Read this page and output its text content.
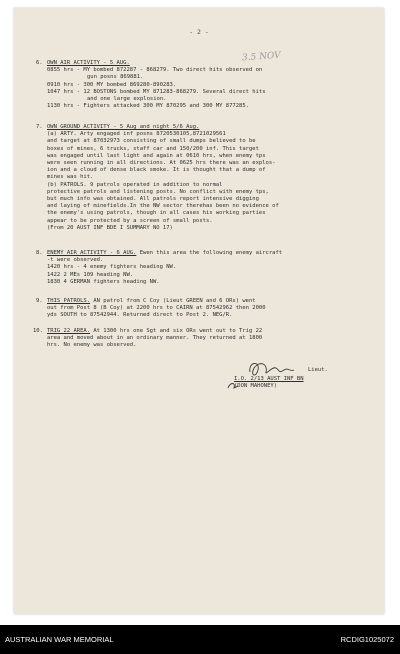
- 2 -
3.5 NOV
6. OWN AIR ACTIVITY - 5 AUG.
0855 hrs - MY bombed 872287 - 868279. Two direct hits observed on
gun posns 869881.
0910 hrs - 300 MY bombed 869280-890283.
1047 hrs - 12 BOSTONS bombed MY 871283-868279. Several direct hits
and one large explosion.
1130 hrs - Fighters attacked 300 MY 870295 and 300 MY 877285.
7. OWN GROUND ACTIVITY - 5 Aug and night 5/6 Aug.
(a) ARTY. Arty engaged inf posns 8720530105,8721029561
and target at 87032973 consisting of small dumps believed to be
boxes of mines, 6 trucks, staff car and 150/200 inf. This target
was engaged until last light and again at 0610 hrs, when enemy tps
were seen running in all directions. At 0625 hrs there was an explos-
ion and a cloud of dense black smoke. It is thought that a dump of
mines was hit.
(b) PATROLS. 9 patrols operated in addition to normal
protective patrols and listening posts. No conflict with enemy tps,
but much info was obtained. All patrols report intensive digging
and laying of minefields.In the NW sector therehas been no evidence of
the enemy's using patrols, though in all cases his working parties
appear to be protected by a screen of small posts.
(From 20 AUST INF BDE I SUMMARY NO 17)
8. ENEMY AIR ACTIVITY - 6 AUG. Ewen this area the following enemy aircraft
-t were observed.
1420 hrs - 4 enemy fighters heading NW.
1422 2 MEs 109 heading NW.
1830 4 GERMAN fighters heading NW.
9. THIS PATROLS. AN patrol from C Coy (Lieut GREEN and 6 ORs) went
out from Post 8 (B Coy) at 2200 hrs to CAIRN at 87542962 then 2000
yds SOUTH to 87542944. Returned direct to Post 2. NEG/R.
10. TRIG 22 AREA. At 1300 hrs one Sgt and six ORs went out to Trig 22
area and moved about in an ordinary manner. They returned at 1800
hrs. No enemy was observed.
Lieut.
I.O. 2/13 AUST INF BN
(DON MAHONEY)
AUSTRALIAN WAR MEMORIAL	RCDIG1025072
